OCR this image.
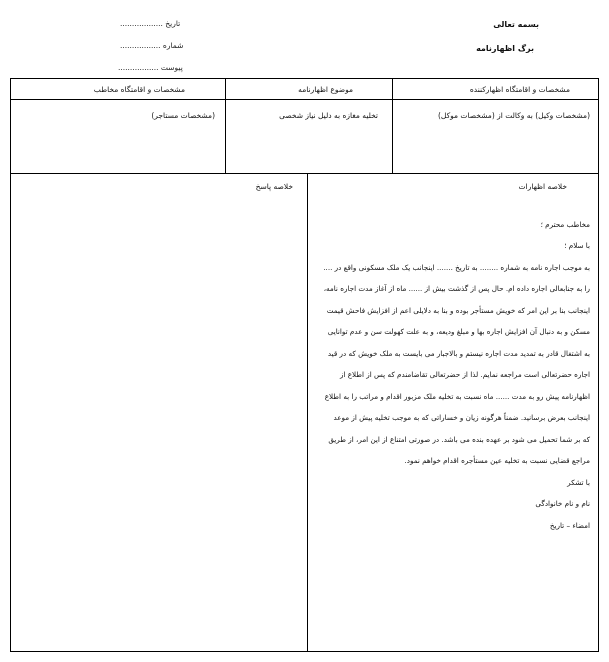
بسمه تعالی
برگ اظهارنامه
تاریخ ..................
شماره .................
پیوست .................
مشخصات و اقامتگاه اظهارکننده
موضوع اظهارنامه
مشخصات و اقامتگاه مخاطب
(مشخصات وکیل) به وکالت از (مشخصات موکل)
تخلیه مغازه به دلیل نیاز شخصی
(مشخصات مستاجر)
خلاصه اظهارات
خلاصه پاسخ
مخاطب محترم ؛
با سلام ؛
به موجب اجاره نامه به شماره ........ به تاریخ ....... اینجانب یک ملک مسکونی واقع در ....
را به جنابعالی اجاره داده ام. حال پس از گذشت بیش از ...... ماه از آغاز مدت اجاره نامه،
اینجانب بنا بر این امر که خویش مستأجر بوده و بنا به دلایلی اعم از افزایش فاحش قیمت
مسکن و به دنبال آن افزایش اجاره بها و مبلغ ودیعه، و به علت کهولت سن و عدم توانایی
به اشتغال قادر به تمدید مدت اجاره نیستم و بالاجبار می بایست به ملک خویش که در قید
اجاره حضرتعالی است مراجعه نمایم. لذا از حضرتعالی تقاضامندم که پس از اطلاع از
اظهارنامه پیش رو به مدت ...... ماه نسبت به تخلیه ملک مزبور اقدام و مراتب را به اطلاع
اینجانب بعرض برسانید. ضمناً هرگونه زیان و خساراتی که به موجب تخلیه پیش از موعد
که بر شما تحمیل می شود بر عهده بنده می باشد. در صورتی امتناع از این امر، از طریق
مراجع قضایی نسبت به تخلیه عین مستأجره اقدام خواهم نمود.
با تشکر
نام و نام خانوادگی
امضاء – تاریخ
